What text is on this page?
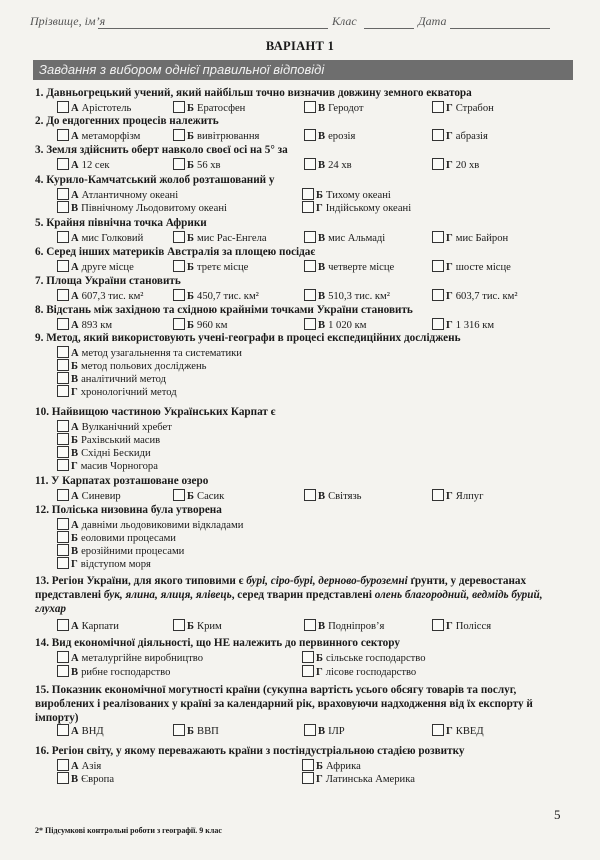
Прізвище, ім’я	Клас	Дата
ВАРІАНТ 1
Завдання з вибором однієї правильної відповіді
1. Давньогрецький учений, який найбільш точно визначив довжину земного екватора
А Арістотель	Б Ератосфен	В Геродот	Г Страбон
2. До ендогенних процесів належить
А метаморфізм	Б вивітрювання	В ерозія	Г абразія
3. Земля здійснить оберт навколо своєї осі на 5° за
А 12 сек	Б 56 хв	В 24 хв	Г 20 хв
4. Курило-Камчатський жолоб розташований у
А Атлантичному океані	Б Тихому океані
В Північному Льодовитому океані	Г Індійському океані
5. Крайня північна точка Африки
А мис Голковий	Б мис Рас-Енгела	В мис Альмаді	Г мис Байрон
6. Серед інших материків Австралія за площею посідає
А друге місце	Б третє місце	В четверте місце	Г шосте місце
7. Площа України становить
А 607,3 тис. км²	Б 450,7 тис. км²	В 510,3 тис. км²	Г 603,7 тис. км²
8. Відстань між західною та східною крайніми точками України становить
А 893 км	Б 960 км	В 1 020 км	Г 1 316 км
9. Метод, який використовують учені-географи в процесі експедиційних досліджень
А метод узагальнення та систематики
Б метод польових досліджень
В аналітичний метод
Г хронологічний метод
10. Найвищою частиною Українських Карпат є
А Вулканічний хребет
Б Рахівський масив
В Східні Бескиди
Г масив Чорногора
11. У Карпатах розташоване озеро
А Синевир	Б Сасик	В Світязь	Г Ялпуг
12. Поліська низовина була утворена
А давніми льодовиковими відкладами
Б еоловими процесами
В ерозійними процесами
Г відступом моря
13. Регіон України, для якого типовими є бурі, сіро-бурі, дерново-буроземні ґрунти, у деревостанах представлені бук, ялина, ялиця, ялівець, серед тварин представлені олень благородний, ведмідь бурий, глухар
А Карпати	Б Крим	В Подніпров’я	Г Полісся
14. Вид економічної діяльності, що НЕ належить до первинного сектору
А металургійне виробництво	Б сільське господарство
В рибне господарство	Г лісове господарство
15. Показник економічної могутності країни (сукупна вартість усього обсягу товарів та послуг, вироблених і реалізованих у країні за календарний рік, враховуючи надходження від їх експорту й імпорту)
А ВНД	Б ВВП	В ІЛР	Г КВЕД
16. Регіон світу, у якому переважають країни з постіндустріальною стадією розвитку
А Азія	Б Африка
В Європа	Г Латинська Америка
2* Підсумкові контрольні роботи з географії. 9 клас
5
